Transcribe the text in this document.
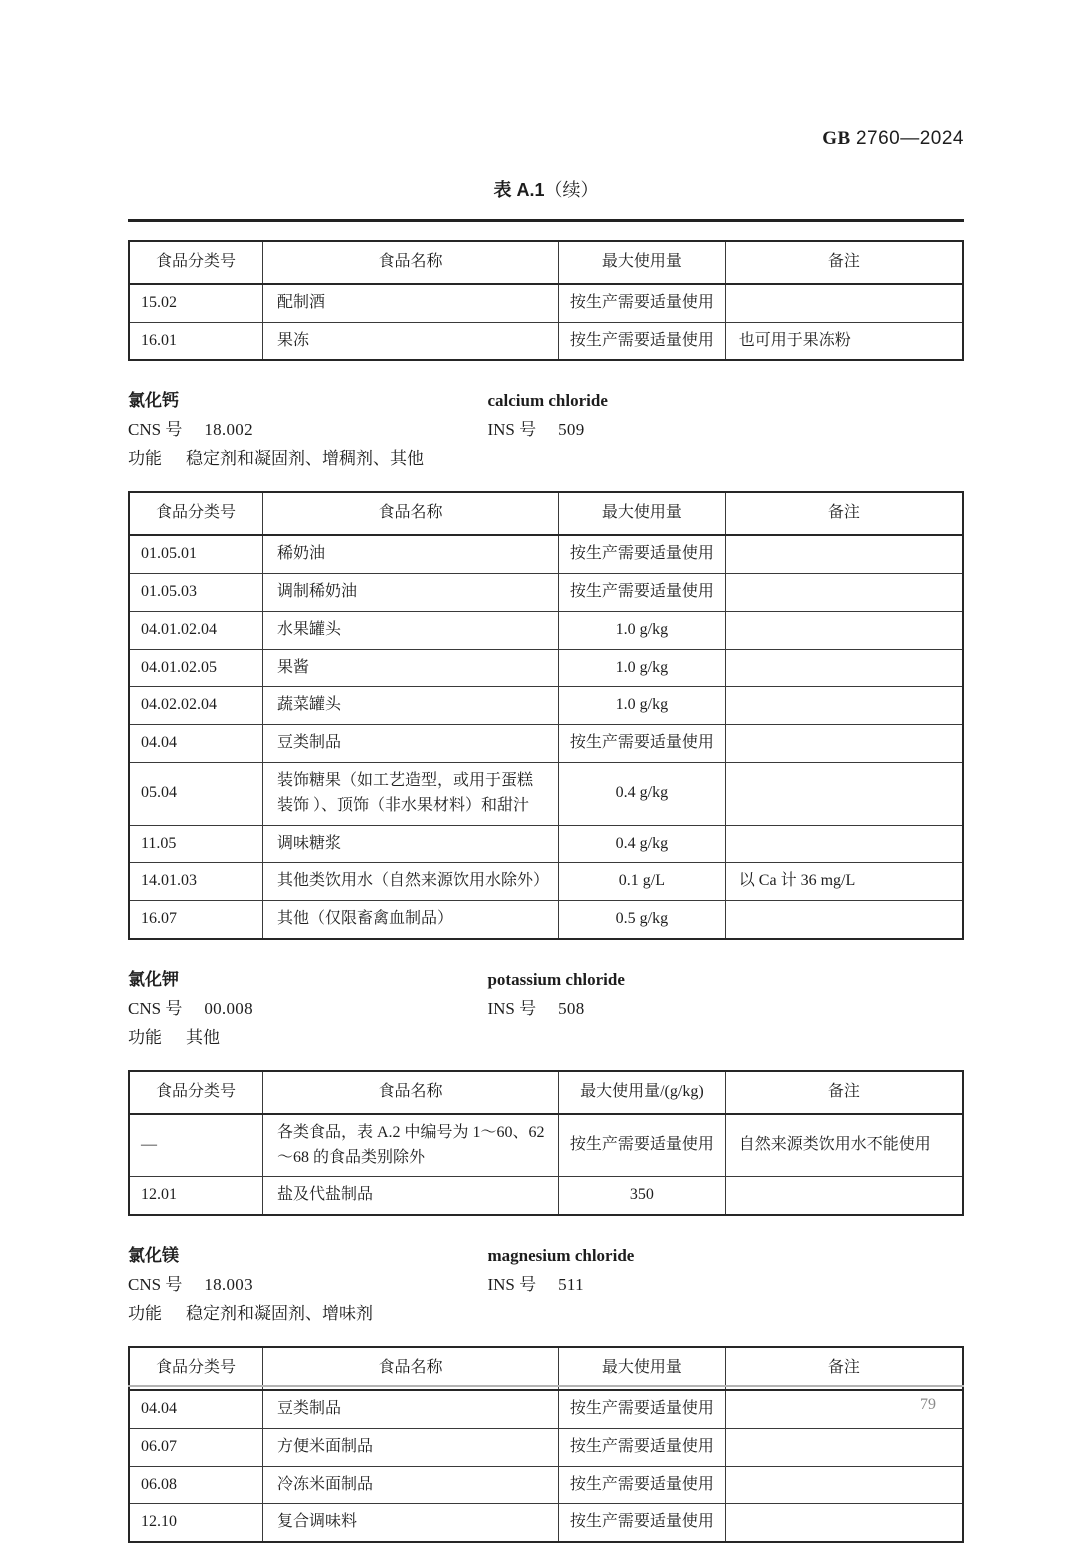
GB 2760—2024
表 A.1（续）
食品分类号	食品名称	最大使用量	备注
15.02	配制酒	按生产需要适量使用	
16.01	果冻	按生产需要适量使用	也可用于果冻粉
氯化钙	calcium chloride
CNS 号 18.002	INS 号 509
功能 稳定剂和凝固剂、增稠剂、其他
食品分类号	食品名称	最大使用量	备注
01.05.01	稀奶油	按生产需要适量使用	
01.05.03	调制稀奶油	按生产需要适量使用	
04.01.02.04	水果罐头	1.0 g/kg	
04.01.02.05	果酱	1.0 g/kg	
04.02.02.04	蔬菜罐头	1.0 g/kg	
04.04	豆类制品	按生产需要适量使用	
05.04	装饰糖果（如工艺造型，或用于蛋糕装饰 ）、顶饰（非水果材料）和甜汁	0.4 g/kg	
11.05	调味糖浆	0.4 g/kg	
14.01.03	其他类饮用水（自然来源饮用水除外）	0.1 g/L	以 Ca 计 36 mg/L
16.07	其他（仅限畜禽血制品）	0.5 g/kg	
氯化钾	potassium chloride
CNS 号 00.008	INS 号 508
功能 其他
食品分类号	食品名称	最大使用量/(g/kg)	备注
—	各类食品，表 A.2 中编号为 1～60、62～68 的食品类别除外	按生产需要适量使用	自然来源类饮用水不能使用
12.01	盐及代盐制品	350	
氯化镁	magnesium chloride
CNS 号 18.003	INS 号 511
功能 稳定剂和凝固剂、增味剂
食品分类号	食品名称	最大使用量	备注
04.04	豆类制品	按生产需要适量使用	
06.07	方便米面制品	按生产需要适量使用	
06.08	冷冻米面制品	按生产需要适量使用	
12.10	复合调味料	按生产需要适量使用	
79
